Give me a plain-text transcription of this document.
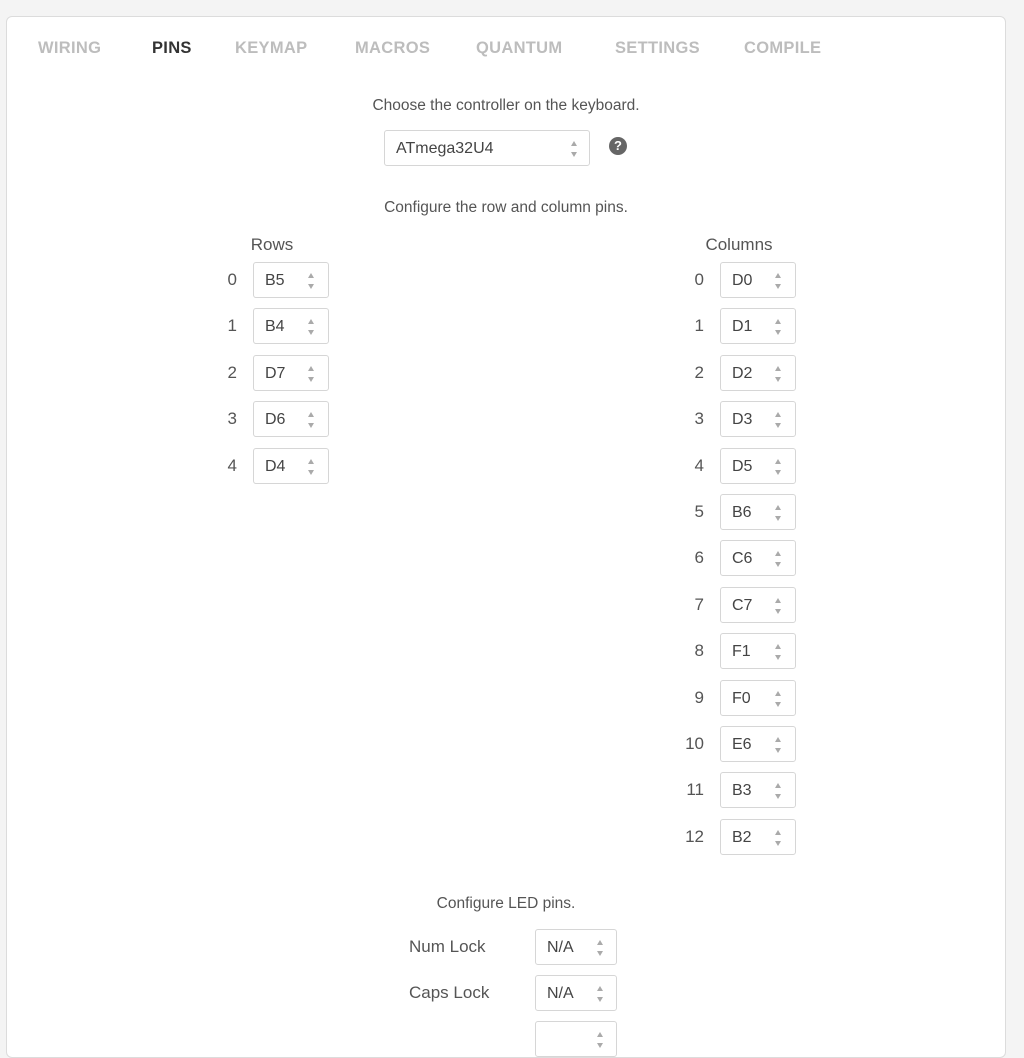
WIRING	PINS	KEYMAP	MACROS	QUANTUM	SETTINGS	COMPILE
Choose the controller on the keyboard.
ATmega32U4	?
Configure the row and column pins.
Rows	Columns
0 B5
1 B4
2 D7
3 D6
4 D4
0 D0
1 D1
2 D2
3 D3
4 D5
5 B6
6 C6
7 C7
8 F1
9 F0
10 E6
11 B3
12 B2
Configure LED pins.
Num Lock	N/A
Caps Lock	N/A
